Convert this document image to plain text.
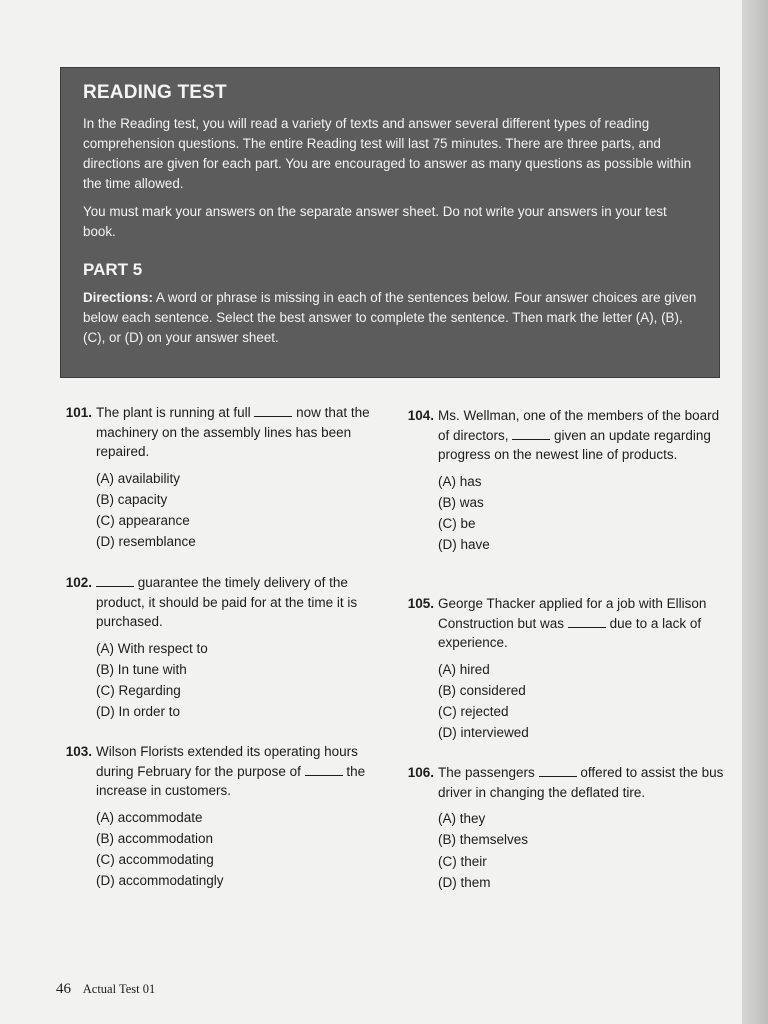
READING TEST

In the Reading test, you will read a variety of texts and answer several different types of reading comprehension questions. The entire Reading test will last 75 minutes. There are three parts, and directions are given for each part. You are encouraged to answer as many questions as possible within the time allowed.

You must mark your answers on the separate answer sheet. Do not write your answers in your test book.

PART 5

Directions: A word or phrase is missing in each of the sentences below. Four answer choices are given below each sentence. Select the best answer to complete the sentence. Then mark the letter (A), (B), (C), or (D) on your answer sheet.

101. The plant is running at full	now that the machinery on the assembly lines has been repaired.
(A) availability
(B) capacity
(C) appearance
(D) resemblance
102.	guarantee the timely delivery of the product, it should be paid for at the time it is purchased.
(A) With respect to
(B) In tune with
(C) Regarding
(D) In order to
103. Wilson Florists extended its operating hours during February for the purpose of	the increase in customers.
(A) accommodate
(B) accommodation
(C) accommodating
(D) accommodatingly
104. Ms. Wellman, one of the members of the board of directors,	given an update regarding progress on the newest line of products.
(A) has
(B) was
(C) be
(D) have
105. George Thacker applied for a job with Ellison Construction but was	due to a lack of experience.
(A) hired
(B) considered
(C) rejected
(D) interviewed
106. The passengers	offered to assist the bus driver in changing the deflated tire.
(A) they
(B) themselves
(C) their
(D) them
46 Actual Test 01
